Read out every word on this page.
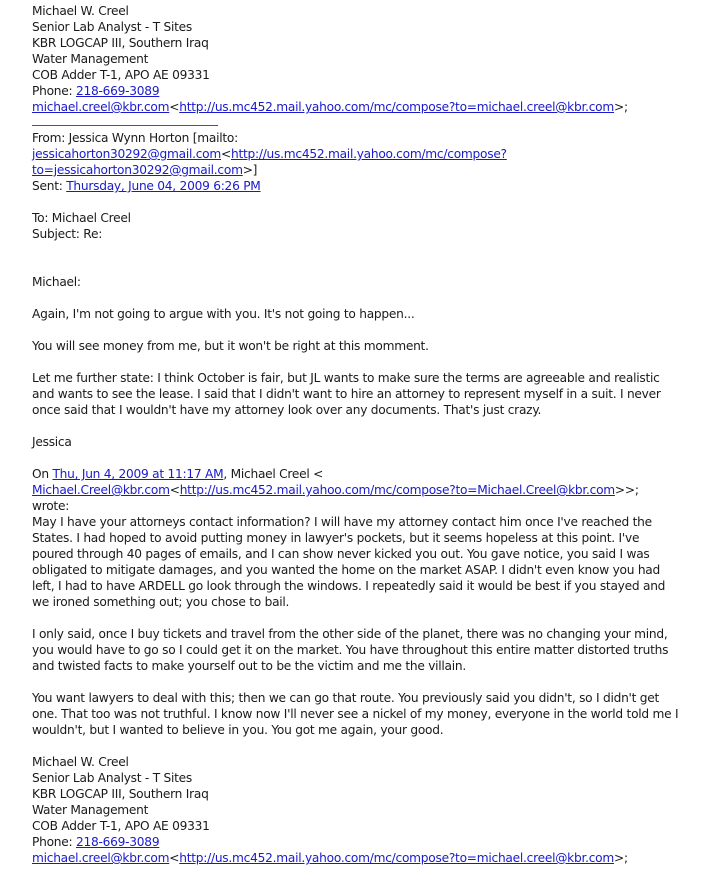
Michael W. Creel
Senior Lab Analyst - T Sites
KBR LOGCAP III, Southern Iraq
Water Management
COB Adder T-1, APO AE 09331
Phone: 218-669-3089
michael.creel@kbr.com<http://us.mc452.mail.yahoo.com/mc/compose?to=michael.creel@kbr.com>;
From: Jessica Wynn Horton [mailto:
jessicahorton30292@gmail.com<http://us.mc452.mail.yahoo.com/mc/compose?
to=jessicahorton30292@gmail.com>]
Sent: Thursday, June 04, 2009 6:26 PM
To: Michael Creel
Subject: Re:
Michael:
Again, I'm not going to argue with you. It's not going to happen...
You will see money from me, but it won't be right at this momment.
Let me further state: I think October is fair, but JL wants to make sure the terms are agreeable and realistic
and wants to see the lease. I said that I didn't want to hire an attorney to represent myself in a suit. I never
once said that I wouldn't have my attorney look over any documents. That's just crazy.
Jessica
On Thu, Jun 4, 2009 at 11:17 AM, Michael Creel <
Michael.Creel@kbr.com<http://us.mc452.mail.yahoo.com/mc/compose?to=Michael.Creel@kbr.com>>;
wrote:
May I have your attorneys contact information? I will have my attorney contact him once I've reached the
States. I had hoped to avoid putting money in lawyer's pockets, but it seems hopeless at this point. I've
poured through 40 pages of emails, and I can show never kicked you out. You gave notice, you said I was
obligated to mitigate damages, and you wanted the home on the market ASAP. I didn't even know you had
left, I had to have ARDELL go look through the windows. I repeatedly said it would be best if you stayed and
we ironed something out; you chose to bail.
I only said, once I buy tickets and travel from the other side of the planet, there was no changing your mind,
you would have to go so I could get it on the market. You have throughout this entire matter distorted truths
and twisted facts to make yourself out to be the victim and me the villain.
You want lawyers to deal with this; then we can go that route. You previously said you didn't, so I didn't get
one. That too was not truthful. I know now I'll never see a nickel of my money, everyone in the world told me I
wouldn't, but I wanted to believe in you. You got me again, your good.
Michael W. Creel
Senior Lab Analyst - T Sites
KBR LOGCAP III, Southern Iraq
Water Management
COB Adder T-1, APO AE 09331
Phone: 218-669-3089
michael.creel@kbr.com<http://us.mc452.mail.yahoo.com/mc/compose?to=michael.creel@kbr.com>;
